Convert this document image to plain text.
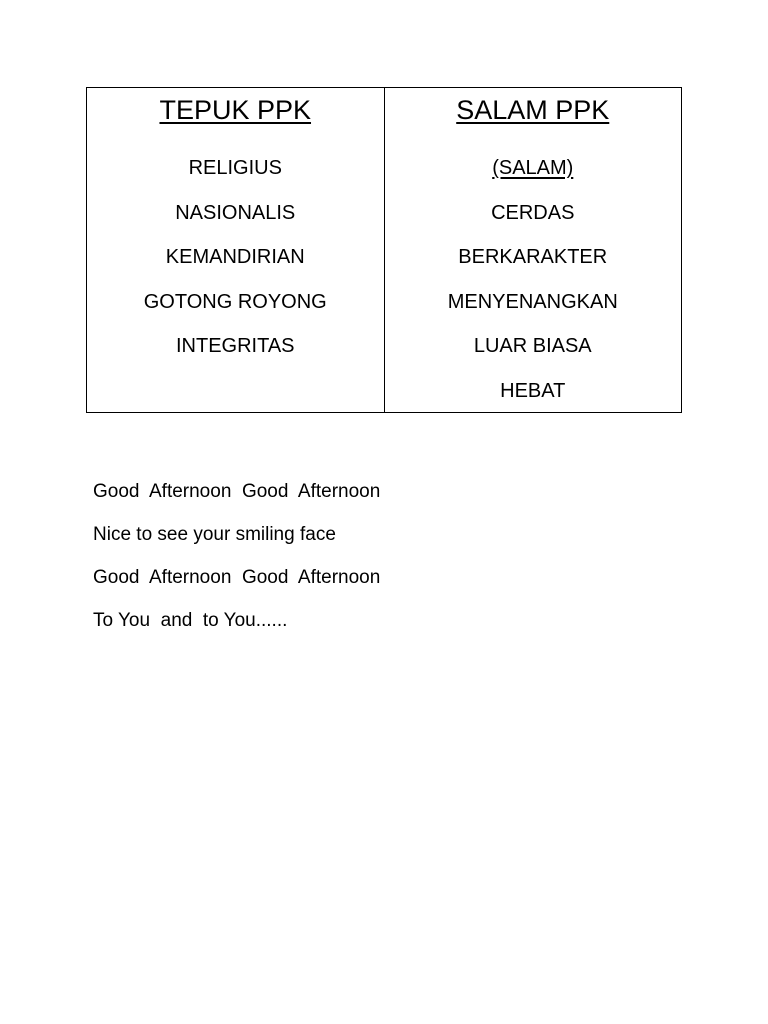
TEPUK PPK
RELIGIUS
NASIONALIS
KEMANDIRIAN
GOTONG ROYONG
INTEGRITAS
SALAM PPK
(SALAM)
CERDAS
BERKARAKTER
MENYENANGKAN
LUAR BIASA
HEBAT
Good  Afternoon  Good  Afternoon
Nice to see your smiling face
Good  Afternoon  Good  Afternoon
To You  and  to You......
